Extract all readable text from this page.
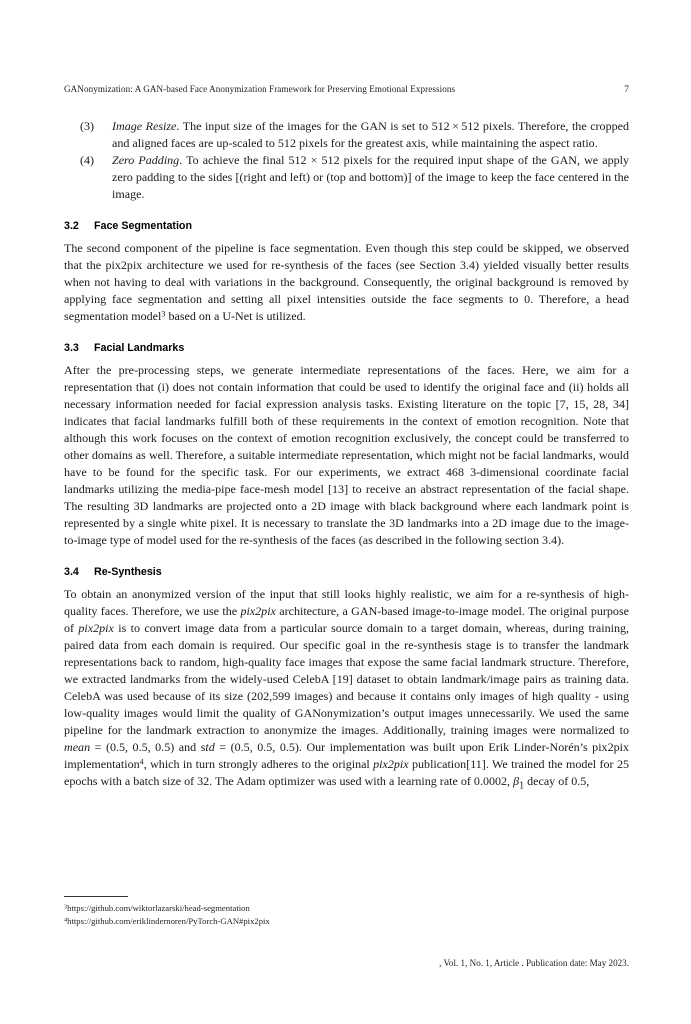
GANonymization: A GAN-based Face Anonymization Framework for Preserving Emotional Expressions	7
(3)	Image Resize. The input size of the images for the GAN is set to 512 × 512 pixels. Therefore, the cropped and aligned faces are up-scaled to 512 pixels for the greatest axis, while maintaining the aspect ratio.
(4)	Zero Padding. To achieve the final 512 × 512 pixels for the required input shape of the GAN, we apply zero padding to the sides [(right and left) or (top and bottom)] of the image to keep the face centered in the image.
3.2 Face Segmentation

The second component of the pipeline is face segmentation. Even though this step could be skipped, we observed that the pix2pix architecture we used for re-synthesis of the faces (see Section 3.4) yielded visually better results when not having to deal with variations in the background. Consequently, the original background is removed by applying face segmentation and setting all pixel intensities outside the face segments to 0. Therefore, a head segmentation model$^3$ based on a U-Net is utilized.

3.3 Facial Landmarks

After the pre-processing steps, we generate intermediate representations of the faces. Here, we aim for a representation that (i) does not contain information that could be used to identify the original face and (ii) holds all necessary information needed for facial expression analysis tasks. Existing literature on the topic [7, 15, 28, 34] indicates that facial landmarks fulfill both of these requirements in the context of emotion recognition. Note that although this work focuses on the context of emotion recognition exclusively, the concept could be transferred to other domains as well. Therefore, a suitable intermediate representation, which might not be facial landmarks, would have to be found for the specific task. For our experiments, we extract 468 3-dimensional coordinate facial landmarks utilizing the media-pipe face-mesh model [13] to receive an abstract representation of the facial shape. The resulting 3D landmarks are projected onto a 2D image with black background where each landmark point is represented by a single white pixel. It is necessary to translate the 3D landmarks into a 2D image due to the image-to-image type of model used for the re-synthesis of the faces (as described in the following section 3.4).

3.4 Re-Synthesis

To obtain an anonymized version of the input that still looks highly realistic, we aim for a re-synthesis of high-quality faces. Therefore, we use the pix2pix architecture, a GAN-based image-to-image model. The original purpose of pix2pix is to convert image data from a particular source domain to a target domain, whereas, during training, paired data from each domain is required. Our specific goal in the re-synthesis stage is to transfer the landmark representations back to random, high-quality face images that expose the same facial landmark structure. Therefore, we extracted landmarks from the widely-used CelebA [19] dataset to obtain landmark/image pairs as training data. CelebA was used because of its size (202,599 images) and because it contains only images of high quality - using low-quality images would limit the quality of GANonymization’s output images unnecessarily. We used the same pipeline for the landmark extraction to anonymize the images. Additionally, training images were normalized to mean = (0.5, 0.5, 0.5) and std = (0.5, 0.5, 0.5). Our implementation was built upon Erik Linder-Norén’s pix2pix implementation$^4$, which in turn strongly adheres to the original pix2pix publication[11]. We trained the model for 25 epochs with a batch size of 32. The Adam optimizer was used with a learning rate of 0.0002, $\beta_1$ decay of 0.5,

$^3$https://github.com/wiktorlazarski/head-segmentation

$^4$https://github.com/eriklindernoren/PyTorch-GAN#pix2pix

, Vol. 1, No. 1, Article . Publication date: May 2023.
